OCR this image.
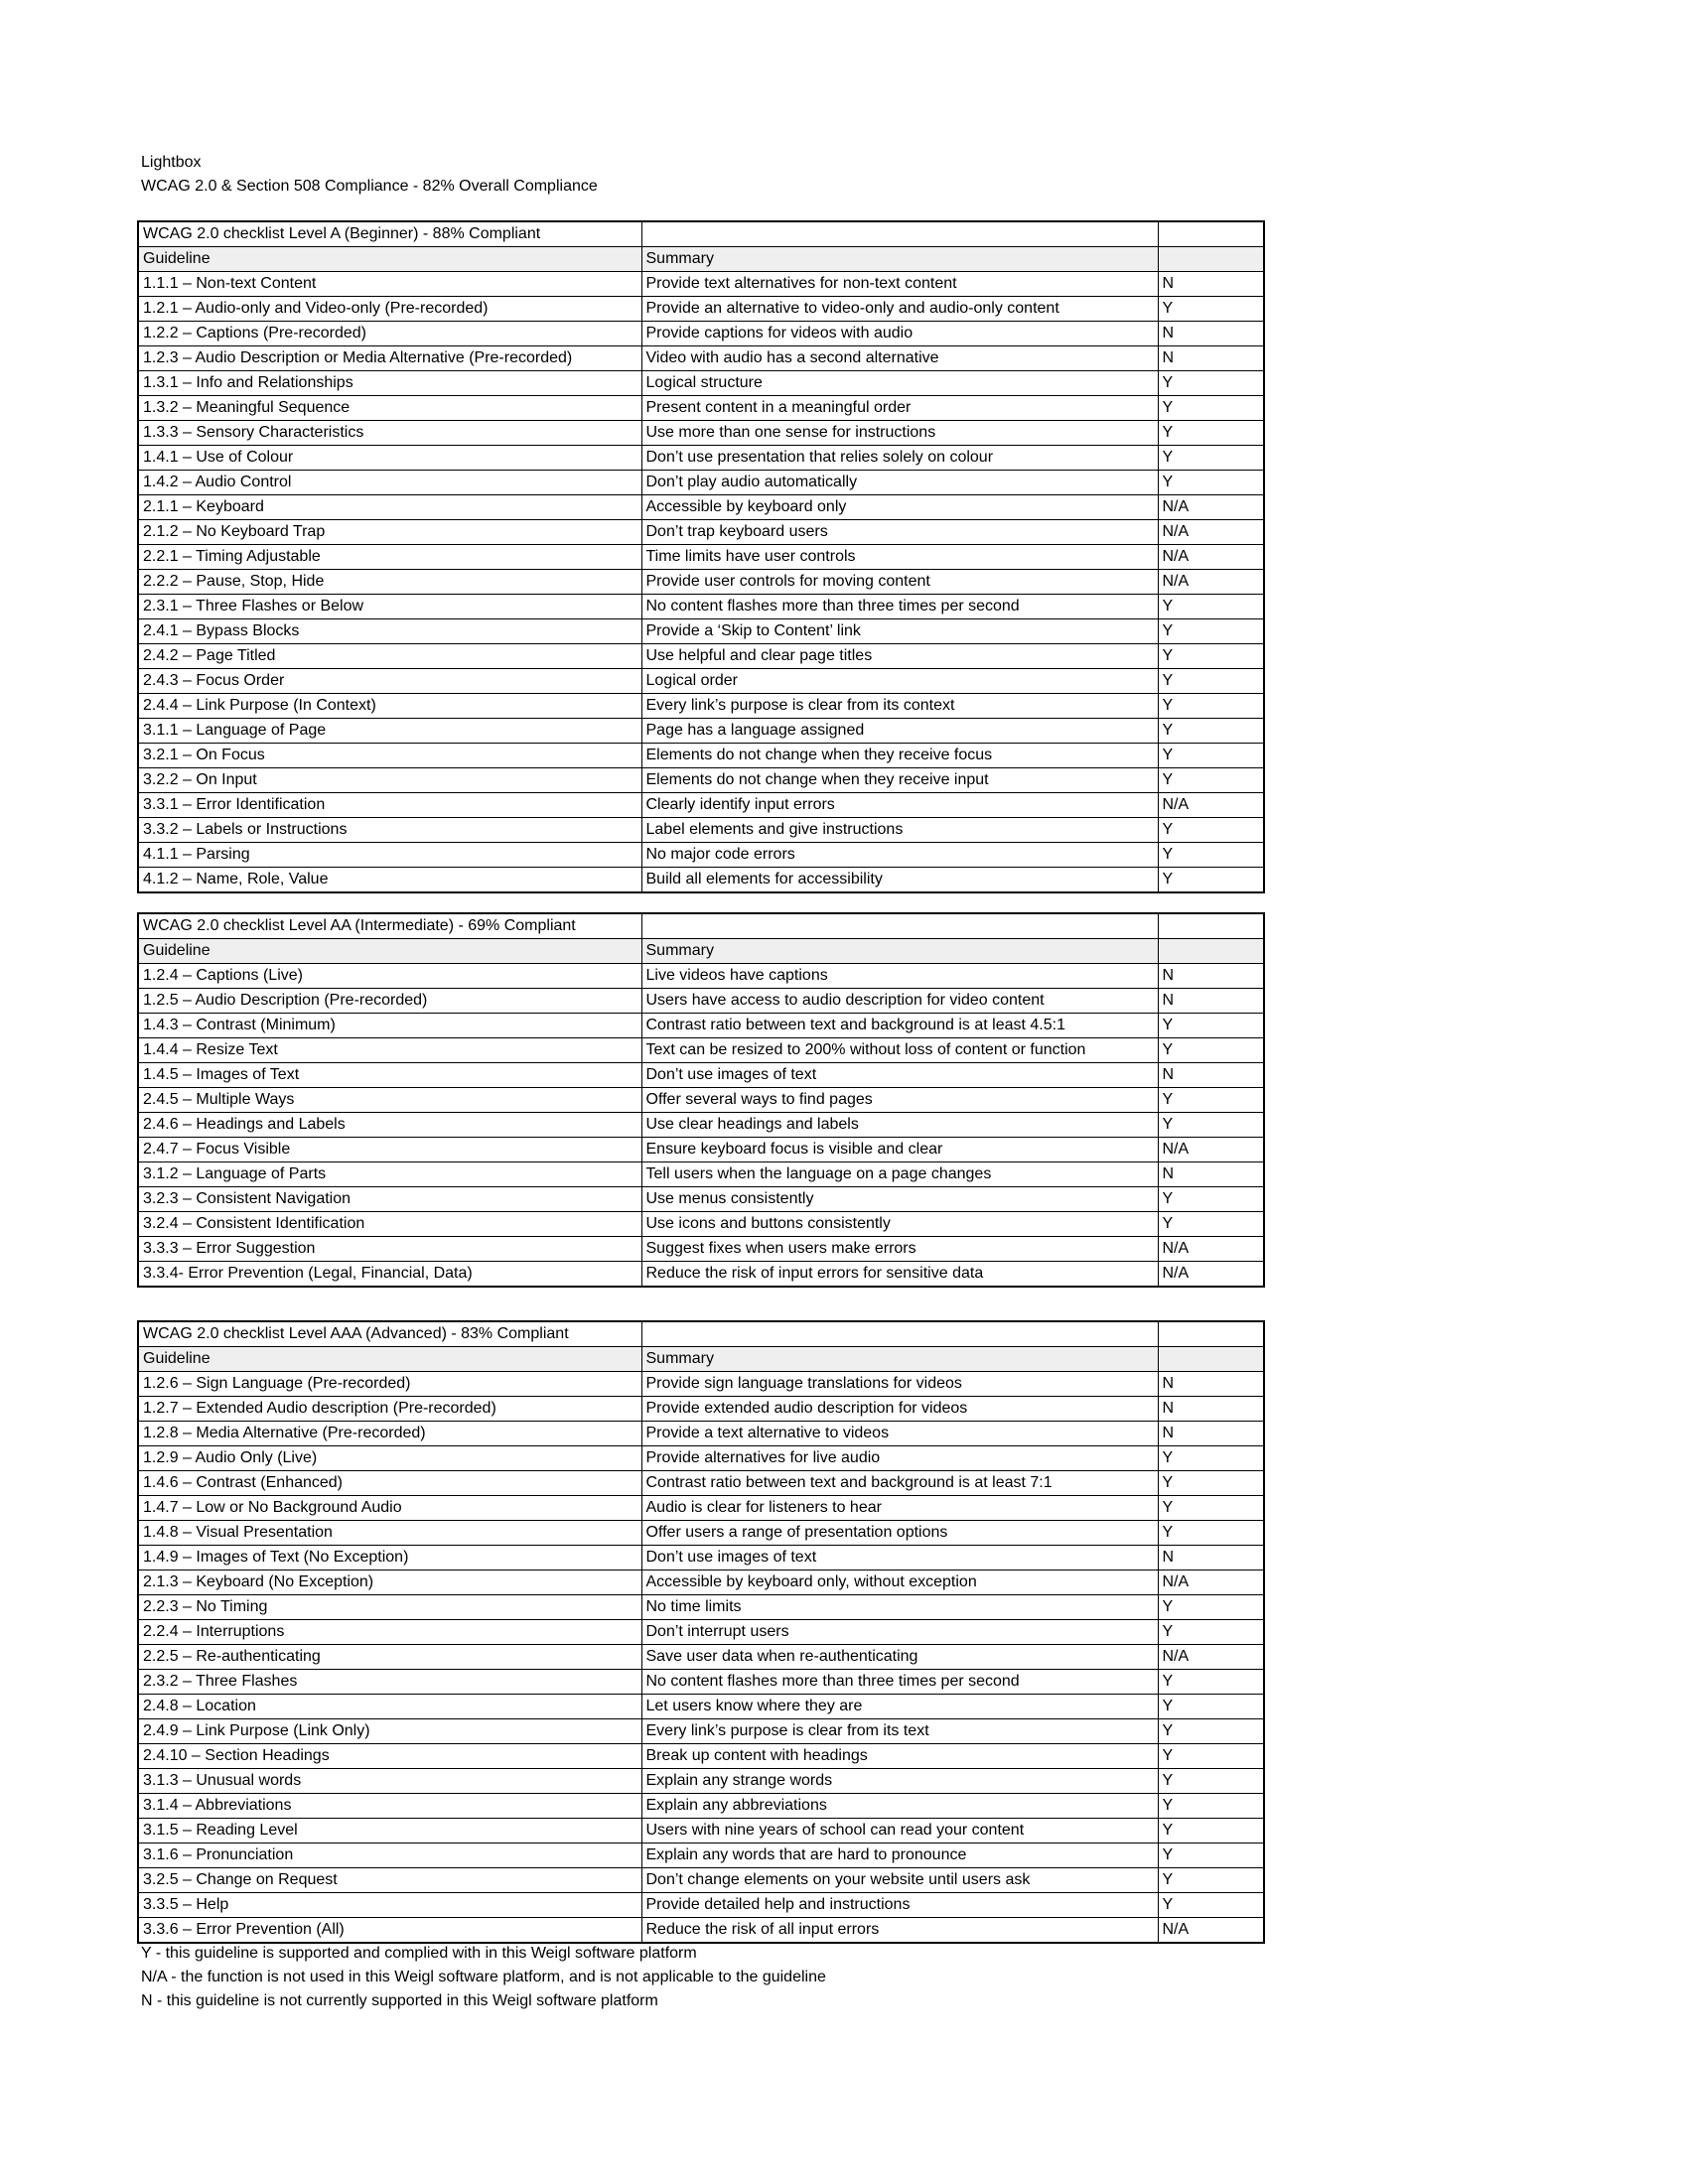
Lightbox
WCAG 2.0 & Section 508 Compliance - 82% Overall Compliance
WCAG 2.0 checklist Level A (Beginner) - 88% Compliant		
Guideline	Summary	
1.1.1 – Non-text Content	Provide text alternatives for non-text content	N
1.2.1 – Audio-only and Video-only (Pre-recorded)	Provide an alternative to video-only and audio-only content	Y
1.2.2 – Captions (Pre-recorded)	Provide captions for videos with audio	N
1.2.3 – Audio Description or Media Alternative (Pre-recorded)	Video with audio has a second alternative	N
1.3.1 – Info and Relationships	Logical structure	Y
1.3.2 – Meaningful Sequence	Present content in a meaningful order	Y
1.3.3 – Sensory Characteristics	Use more than one sense for instructions	Y
1.4.1 – Use of Colour	Don’t use presentation that relies solely on colour	Y
1.4.2 – Audio Control	Don’t play audio automatically	Y
2.1.1 – Keyboard	Accessible by keyboard only	N/A
2.1.2 – No Keyboard Trap	Don’t trap keyboard users	N/A
2.2.1 – Timing Adjustable	Time limits have user controls	N/A
2.2.2 – Pause, Stop, Hide	Provide user controls for moving content	N/A
2.3.1 – Three Flashes or Below	No content flashes more than three times per second	Y
2.4.1 – Bypass Blocks	Provide a ‘Skip to Content’ link	Y
2.4.2 – Page Titled	Use helpful and clear page titles	Y
2.4.3 – Focus Order	Logical order	Y
2.4.4 – Link Purpose (In Context)	Every link’s purpose is clear from its context	Y
3.1.1 – Language of Page	Page has a language assigned	Y
3.2.1 – On Focus	Elements do not change when they receive focus	Y
3.2.2 – On Input	Elements do not change when they receive input	Y
3.3.1 – Error Identification	Clearly identify input errors	N/A
3.3.2 – Labels or Instructions	Label elements and give instructions	Y
4.1.1 – Parsing	No major code errors	Y
4.1.2 – Name, Role, Value	Build all elements for accessibility	Y
WCAG 2.0 checklist Level AA (Intermediate) - 69% Compliant		
Guideline	Summary	
1.2.4 – Captions (Live)	Live videos have captions	N
1.2.5 – Audio Description (Pre-recorded)	Users have access to audio description for video content	N
1.4.3 – Contrast (Minimum)	Contrast ratio between text and background is at least 4.5:1	Y
1.4.4 – Resize Text	Text can be resized to 200% without loss of content or function	Y
1.4.5 – Images of Text	Don’t use images of text	N
2.4.5 – Multiple Ways	Offer several ways to find pages	Y
2.4.6 – Headings and Labels	Use clear headings and labels	Y
2.4.7 – Focus Visible	Ensure keyboard focus is visible and clear	N/A
3.1.2 – Language of Parts	Tell users when the language on a page changes	N
3.2.3 – Consistent Navigation	Use menus consistently	Y
3.2.4 – Consistent Identification	Use icons and buttons consistently	Y
3.3.3 – Error Suggestion	Suggest fixes when users make errors	N/A
3.3.4- Error Prevention (Legal, Financial, Data)	Reduce the risk of input errors for sensitive data	N/A
WCAG 2.0 checklist Level AAA (Advanced) - 83% Compliant		
Guideline	Summary	
1.2.6 – Sign Language (Pre-recorded)	Provide sign language translations for videos	N
1.2.7 – Extended Audio description (Pre-recorded)	Provide extended audio description for videos	N
1.2.8 – Media Alternative (Pre-recorded)	Provide a text alternative to videos	N
1.2.9 – Audio Only (Live)	Provide alternatives for live audio	Y
1.4.6 – Contrast (Enhanced)	Contrast ratio between text and background is at least 7:1	Y
1.4.7 – Low or No Background Audio	Audio is clear for listeners to hear	Y
1.4.8 – Visual Presentation	Offer users a range of presentation options	Y
1.4.9 – Images of Text (No Exception)	Don’t use images of text	N
2.1.3 – Keyboard (No Exception)	Accessible by keyboard only, without exception	N/A
2.2.3 – No Timing	No time limits	Y
2.2.4 – Interruptions	Don’t interrupt users	Y
2.2.5 – Re-authenticating	Save user data when re-authenticating	N/A
2.3.2 – Three Flashes	No content flashes more than three times per second	Y
2.4.8 – Location	Let users know where they are	Y
2.4.9 – Link Purpose (Link Only)	Every link’s purpose is clear from its text	Y
2.4.10 – Section Headings	Break up content with headings	Y
3.1.3 – Unusual words	Explain any strange words	Y
3.1.4 – Abbreviations	Explain any abbreviations	Y
3.1.5 – Reading Level	Users with nine years of school can read your content	Y
3.1.6 – Pronunciation	Explain any words that are hard to pronounce	Y
3.2.5 – Change on Request	Don’t change elements on your website until users ask	Y
3.3.5 – Help	Provide detailed help and instructions	Y
3.3.6 – Error Prevention (All)	Reduce the risk of all input errors	N/A
Y - this guideline is supported and complied with in this Weigl software platform
N/A - the function is not used in this Weigl software platform, and is not applicable to the guideline
N - this guideline is not currently supported in this Weigl software platform
